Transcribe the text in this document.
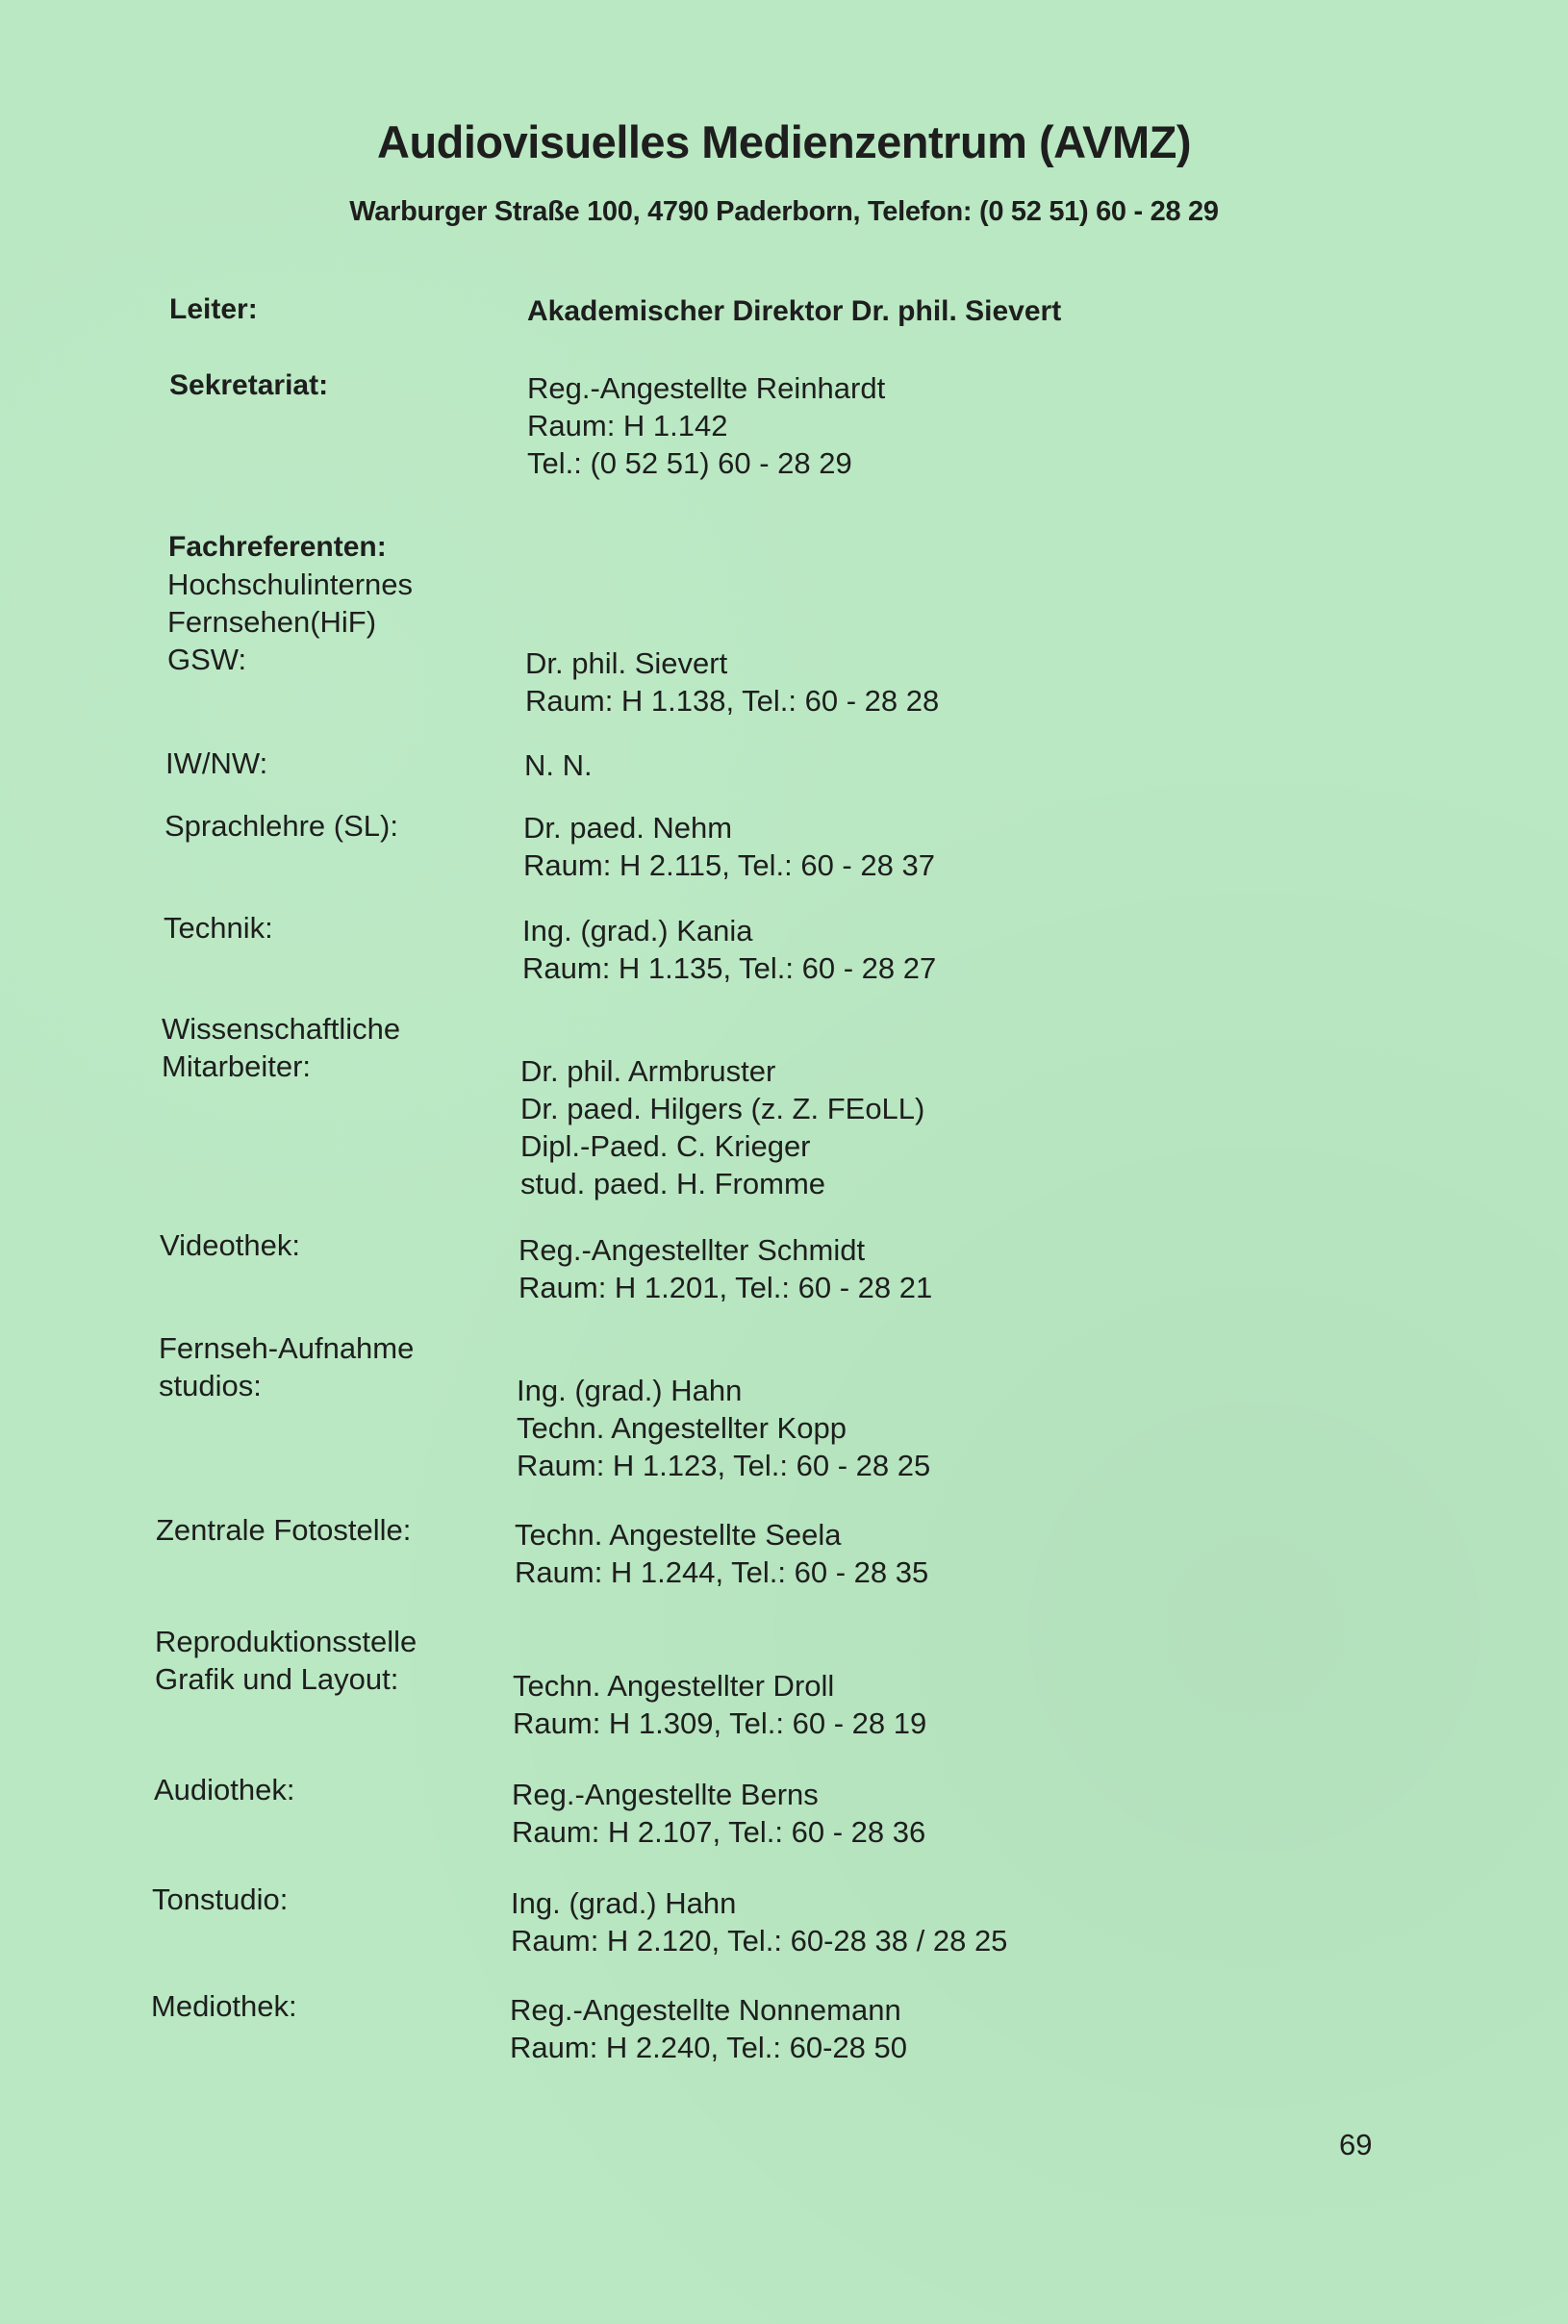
Audiovisuelles Medienzentrum (AVMZ)

Warburger Straße 100, 4790 Paderborn, Telefon: (0 52 51) 60 - 28 29

Leiter:	Akademischer Direktor Dr. phil. Sievert
Sekretariat:	Reg.-Angestellte Reinhardt
Raum: H 1.142
Tel.: (0 52 51) 60 - 28 29
Fachreferenten:
Hochschulinternes
Fernsehen(HiF)
GSW:	Dr. phil. Sievert
Raum: H 1.138, Tel.: 60 - 28 28
IW/NW:	N. N.
Sprachlehre (SL):	Dr. paed. Nehm
Raum: H 2.115, Tel.: 60 - 28 37
Technik:	Ing. (grad.) Kania
Raum: H 1.135, Tel.: 60 - 28 27
Wissenschaftliche
Mitarbeiter:	Dr. phil. Armbruster
Dr. paed. Hilgers (z. Z. FEoLL)
Dipl.-Paed. C. Krieger
stud. paed. H. Fromme
Videothek:	Reg.-Angestellter Schmidt
Raum: H 1.201, Tel.: 60 - 28 21
Fernseh-Aufnahme
studios:	Ing. (grad.) Hahn
Techn. Angestellter Kopp
Raum: H 1.123, Tel.: 60 - 28 25
Zentrale Fotostelle:	Techn. Angestellte Seela
Raum: H 1.244, Tel.: 60 - 28 35
Reproduktionsstelle
Grafik und Layout:	Techn. Angestellter Droll
Raum: H 1.309, Tel.: 60 - 28 19
Audiothek:	Reg.-Angestellte Berns
Raum: H 2.107, Tel.: 60 - 28 36
Tonstudio:	Ing. (grad.) Hahn
Raum: H 2.120, Tel.: 60-28 38 / 28 25
Mediothek:	Reg.-Angestellte Nonnemann
Raum: H 2.240, Tel.: 60-28 50
69
